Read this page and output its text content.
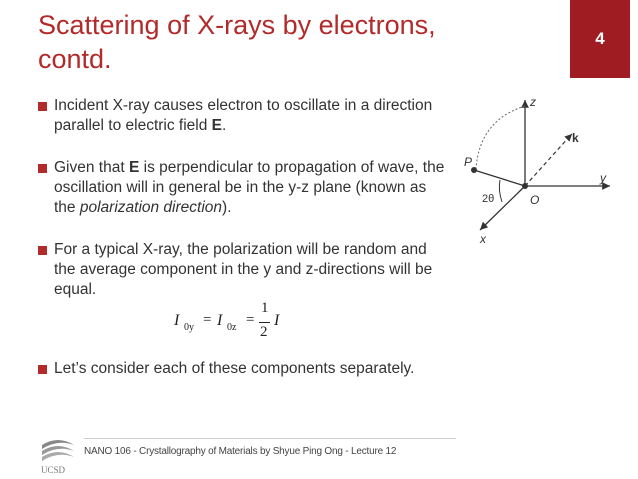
Scattering of X-rays by electrons, contd.
4
Incident X-ray causes electron to oscillate in a direction parallel to electric field E.
Given that E is perpendicular to propagation of wave, the oscillation will in general be in the y-z plane (known as the polarization direction).
For a typical X-ray, the polarization will be random and the average component in the y and z-directions will be equal.
Let’s consider each of these components separately.
I 0y = I 0z =
1
2
I
z
y
x
k
P
O
2θ
UCSD
NANO 106 - Crystallography of Materials by Shyue Ping Ong - Lecture 12
